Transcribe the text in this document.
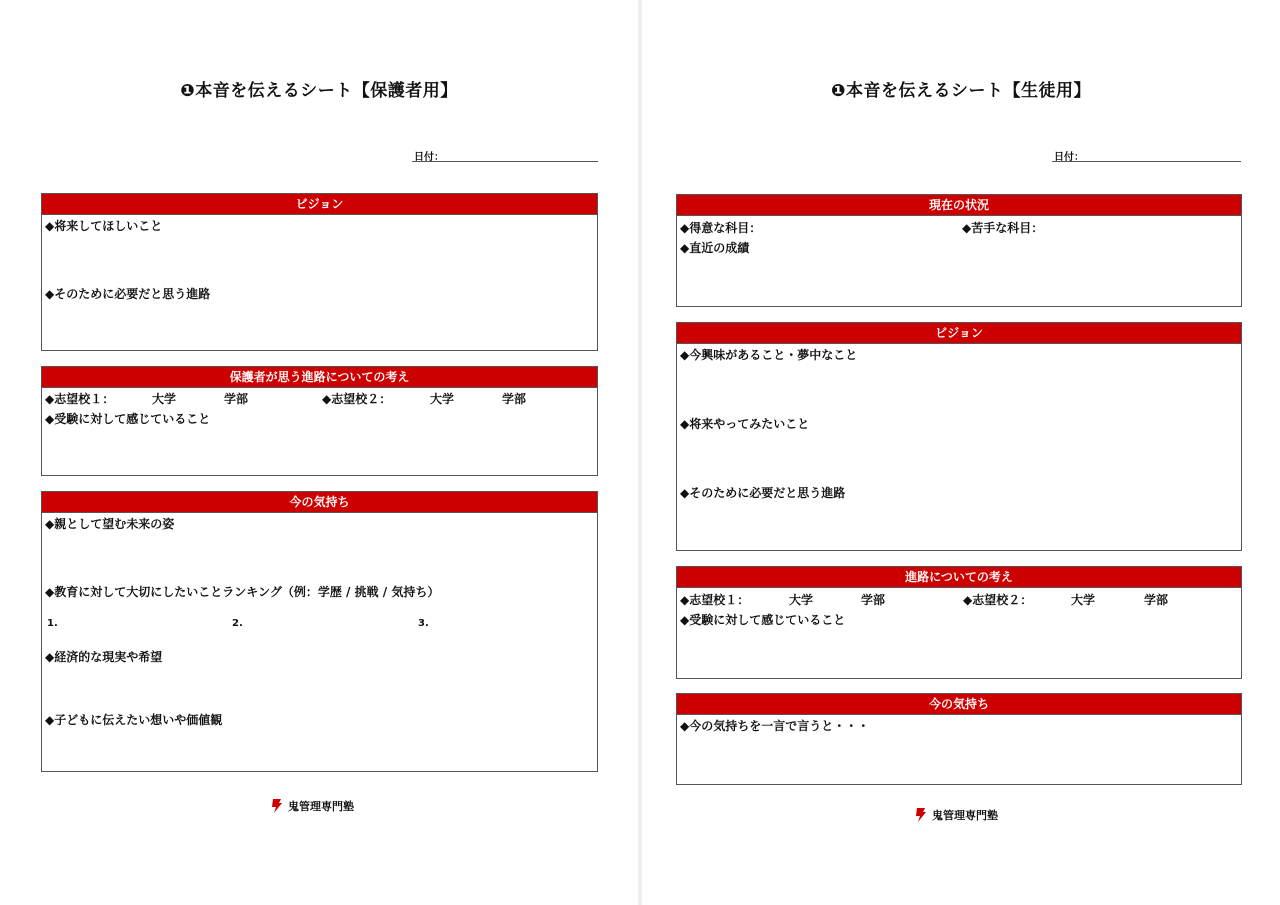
❶本音を伝えるシート【保護者用】
日付：
ビジョン
◆将来してほしいこと
◆そのために必要だと思う進路
保護者が思う進路についての考え
◆志望校１：	大学	学部	◆志望校２：	大学	学部
◆受験に対して感じていること
今の気持ち
◆親として望む未来の姿
◆教育に対して大切にしたいことランキング（例：学歴 / 挑戦 / 気持ち）
1.	2.	3.
◆経済的な現実や希望
◆子どもに伝えたい想いや価値観
鬼管理専門塾
❶本音を伝えるシート【生徒用】
日付：
現在の状況
◆得意な科目：	◆苦手な科目：
◆直近の成績
ビジョン
◆今興味があること・夢中なこと
◆将来やってみたいこと
◆そのために必要だと思う進路
進路についての考え
◆志望校１：	大学	学部	◆志望校２：	大学	学部
◆受験に対して感じていること
今の気持ち
◆今の気持ちを一言で言うと・・・
鬼管理専門塾
